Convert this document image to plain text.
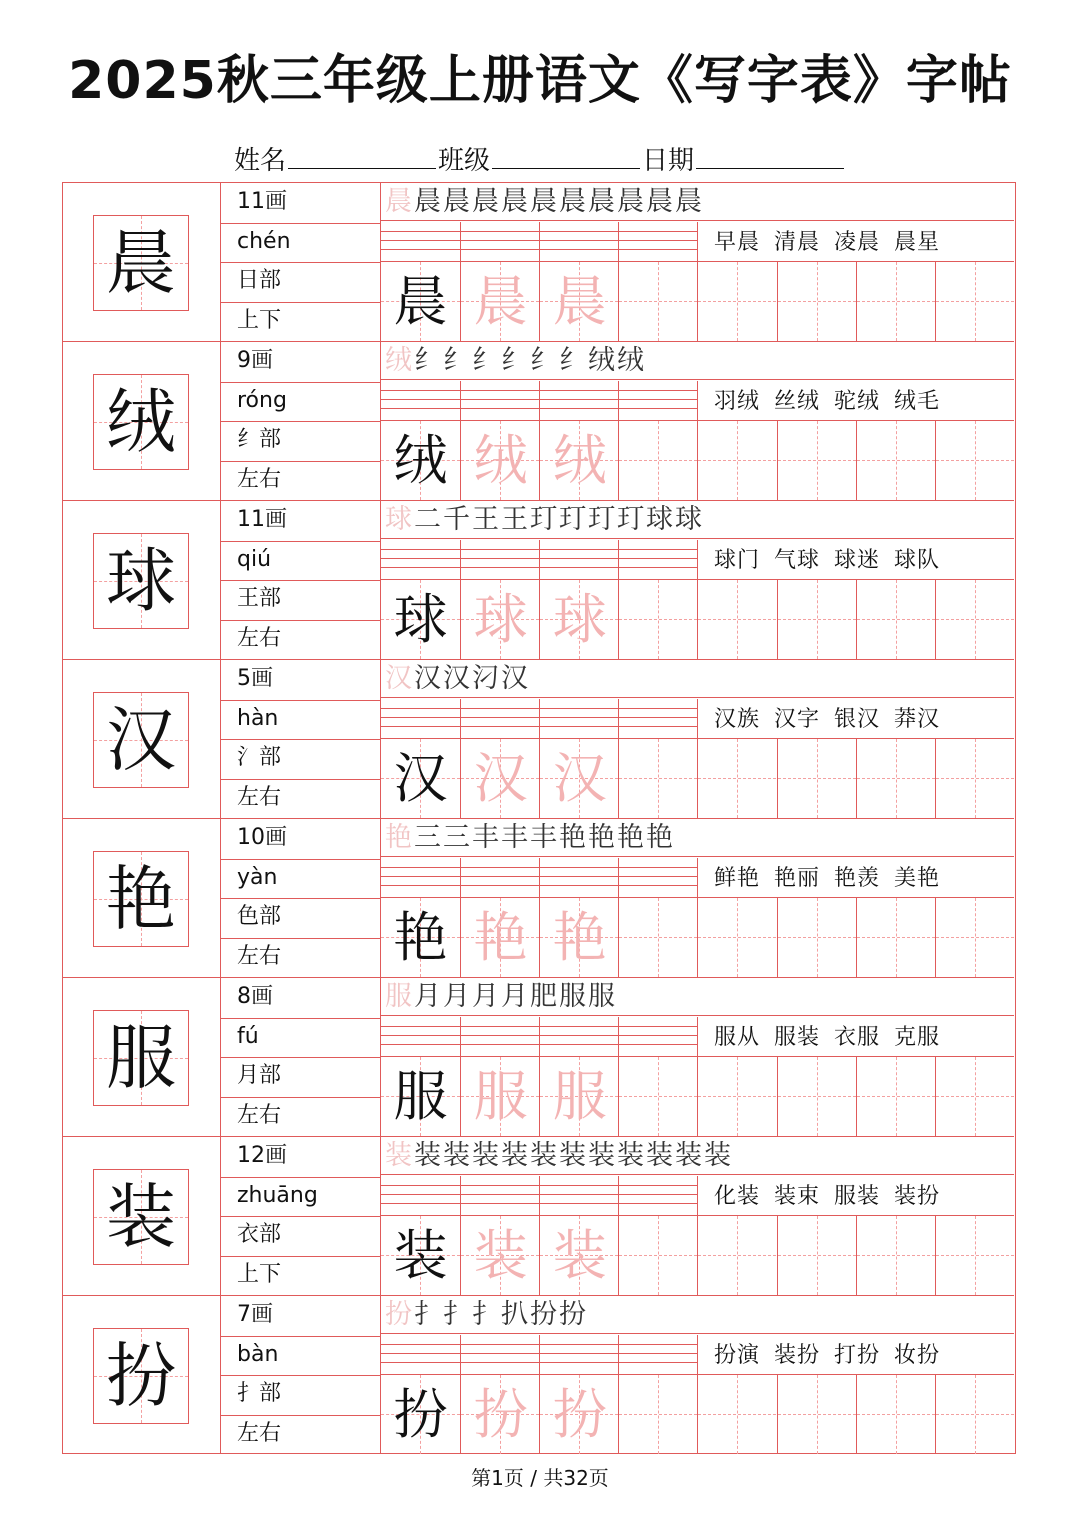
2025秋三年级上册语文《写字表》字帖
姓名	班级	日期
晨
11画
chén
日部
上下
晨晨晨晨晨晨晨晨晨晨晨
早晨 清晨 凌晨 晨星
晨 晨 晨
绒
9画
róng
纟部
左右
绒纟纟纟纟纟纟绒绒
羽绒 丝绒 驼绒 绒毛
绒 绒 绒
球
11画
qiú
王部
左右
球二千王王玎玎玎玎球球
球门 气球 球迷 球队
球 球 球
汉
5画
hàn
氵部
左右
汉汉汉汈汉
汉族 汉字 银汉 莽汉
汉 汉 汉
艳
10画
yàn
色部
左右
艳三三丰丰丰艳艳艳艳
鲜艳 艳丽 艳羡 美艳
艳 艳 艳
服
8画
fú
月部
左右
服月月月月肥服服
服从 服装 衣服 克服
服 服 服
装
12画
zhuāng
衣部
上下
装装装装装装装装装装装装
化装 装束 服装 装扮
装 装 装
扮
7画
bàn
扌部
左右
扮扌扌扌扒扮扮
扮演 装扮 打扮 妆扮
扮 扮 扮
第1页 / 共32页
